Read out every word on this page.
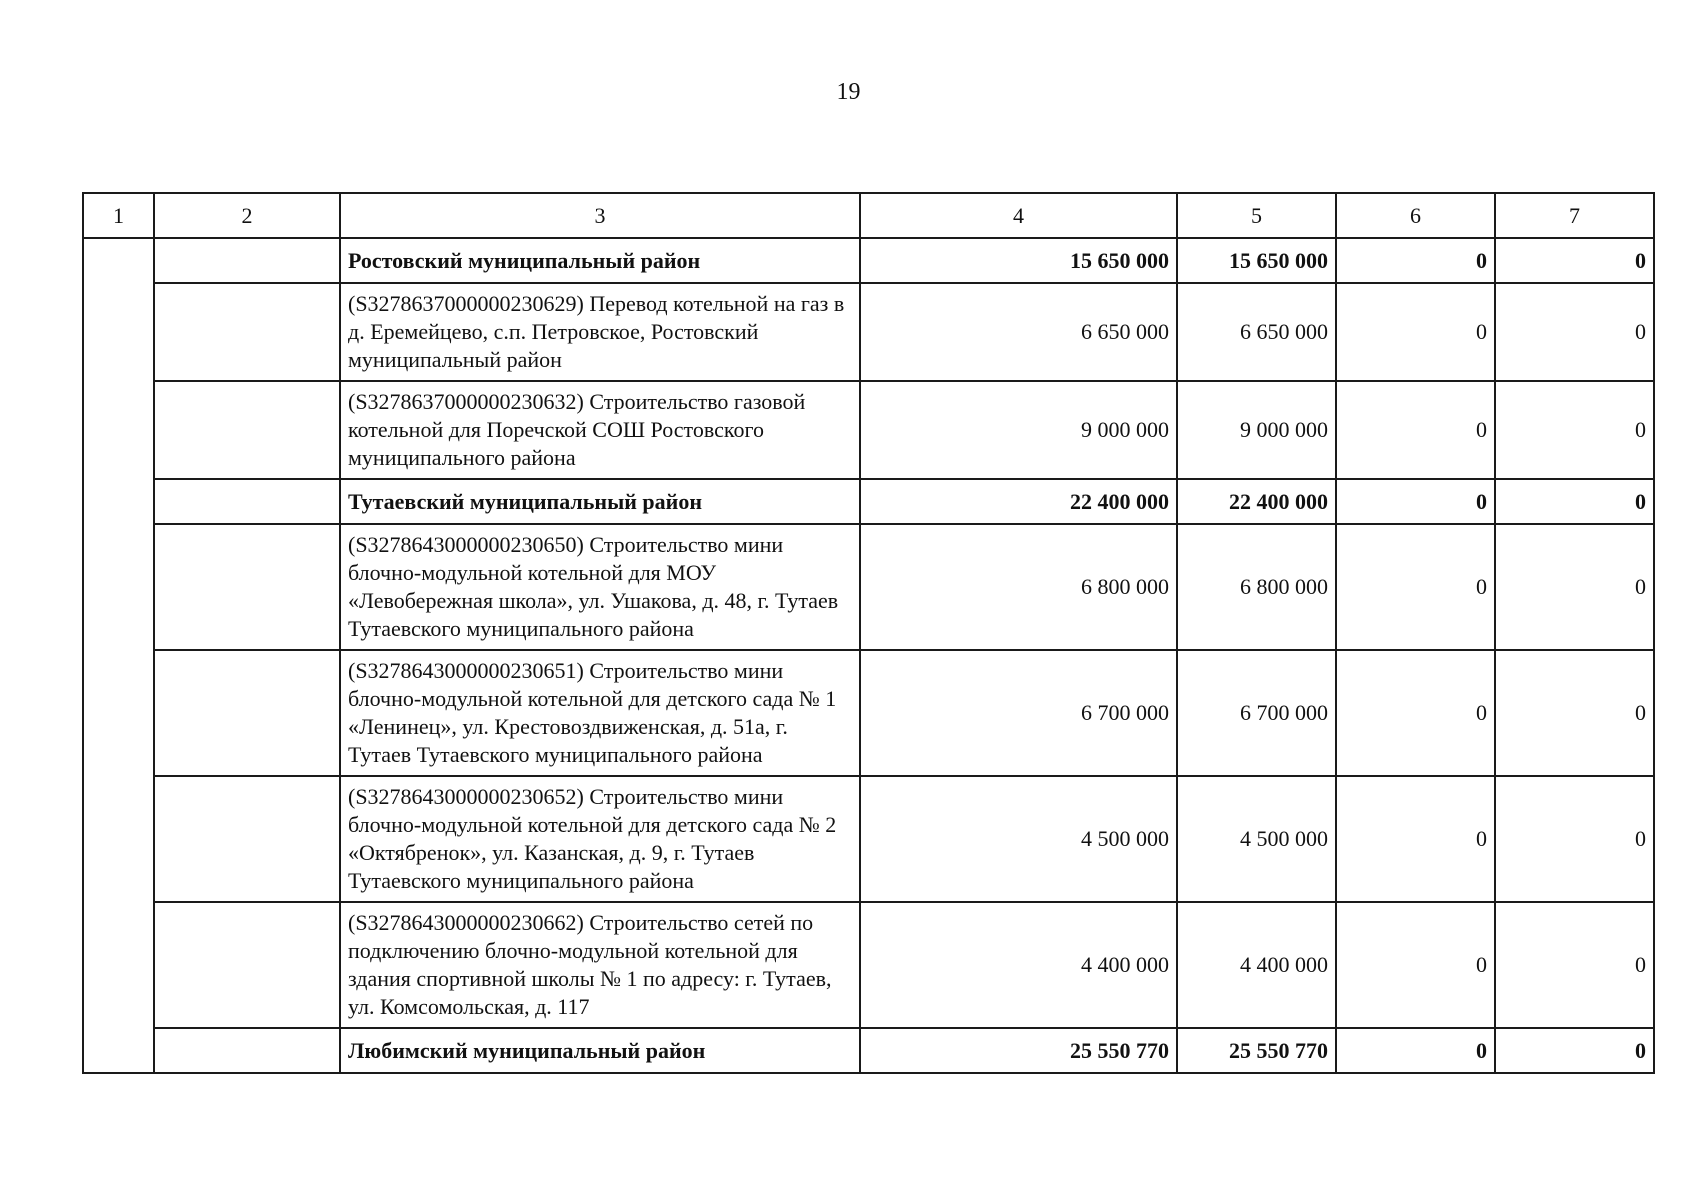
19
1	2	3	4	5	6	7
		Ростовский муниципальный район	15 650 000	15 650 000	0	0
		(S3278637000000230629) Перевод котельной на газ в д. Еремейцево, с.п. Петровское, Ростовский муниципальный район	6 650 000	6 650 000	0	0
		(S3278637000000230632) Строительство газовой котельной для Поречской СОШ Ростовского муниципального района	9 000 000	9 000 000	0	0
		Тутаевский муниципальный район	22 400 000	22 400 000	0	0
		(S3278643000000230650) Строительство мини блочно-модульной котельной для МОУ «Левобережная школа», ул. Ушакова, д. 48, г. Тутаев Тутаевского муниципального района	6 800 000	6 800 000	0	0
		(S3278643000000230651) Строительство мини блочно-модульной котельной для детского сада № 1 «Ленинец», ул. Крестовоздвиженская, д. 51а, г. Тутаев Тутаевского муниципального района	6 700 000	6 700 000	0	0
		(S3278643000000230652) Строительство мини блочно-модульной котельной для детского сада № 2 «Октябренок», ул. Казанская, д. 9, г. Тутаев Тутаевского муниципального района	4 500 000	4 500 000	0	0
		(S3278643000000230662) Строительство сетей по подключению блочно-модульной котельной для здания спортивной школы № 1 по адресу: г. Тутаев, ул. Комсомольская, д. 117	4 400 000	4 400 000	0	0
		Любимский муниципальный район	25 550 770	25 550 770	0	0
